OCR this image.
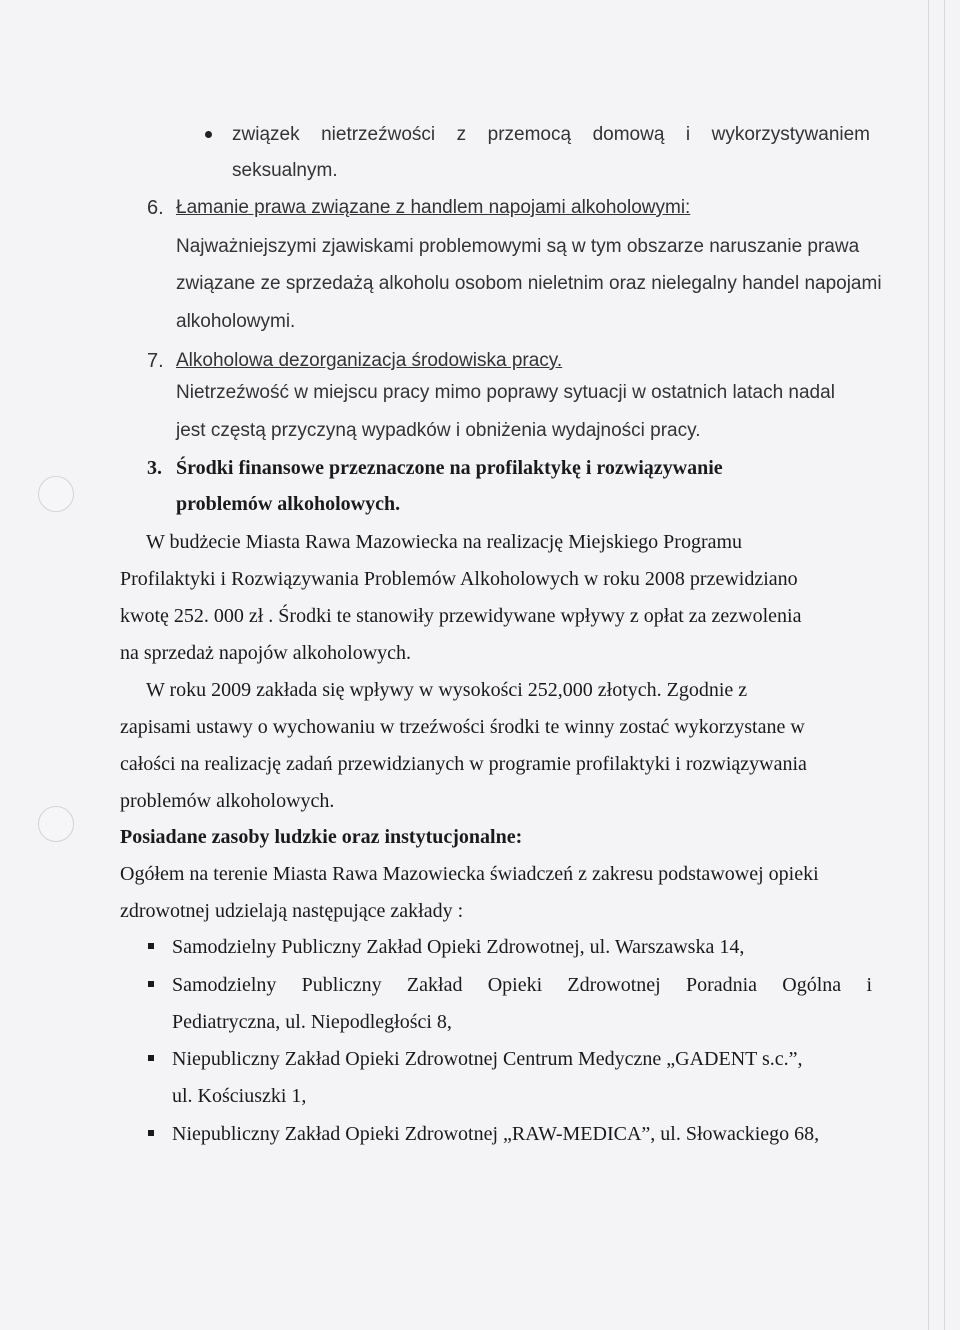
związek nietrzeźwości z przemocą domową i wykorzystywaniem
seksualnym.
6. Łamanie prawa związane z handlem napojami alkoholowymi:
Najważniejszymi zjawiskami problemowymi są w tym obszarze naruszanie prawa
związane ze sprzedażą alkoholu osobom nieletnim oraz nielegalny handel napojami
alkoholowymi.
7. Alkoholowa dezorganizacja środowiska pracy.
Nietrzeźwość w miejscu pracy mimo poprawy sytuacji w ostatnich latach nadal
jest częstą przyczyną wypadków i obniżenia wydajności pracy.
3. Środki finansowe przeznaczone na profilaktykę i rozwiązywanie
problemów alkoholowych.
W budżecie Miasta Rawa Mazowiecka na realizację Miejskiego Programu
Profilaktyki i Rozwiązywania Problemów Alkoholowych w roku 2008 przewidziano
kwotę 252. 000 zł . Środki te stanowiły przewidywane wpływy z opłat za zezwolenia
na sprzedaż napojów alkoholowych.
W roku 2009 zakłada się wpływy w wysokości 252,000 złotych. Zgodnie z
zapisami ustawy o wychowaniu w trzeźwości środki te winny zostać wykorzystane w
całości na realizację zadań przewidzianych w programie profilaktyki i rozwiązywania
problemów alkoholowych.
Posiadane zasoby ludzkie oraz instytucjonalne:
Ogółem na terenie Miasta Rawa Mazowiecka świadczeń z zakresu podstawowej opieki
zdrowotnej udzielają następujące zakłady :
Samodzielny Publiczny Zakład Opieki Zdrowotnej, ul. Warszawska 14,
Samodzielny Publiczny Zakład Opieki Zdrowotnej Poradnia Ogólna i
Pediatryczna, ul. Niepodległości 8,
Niepubliczny Zakład Opieki Zdrowotnej Centrum Medyczne „GADENT s.c.”,
ul. Kościuszki 1,
Niepubliczny Zakład Opieki Zdrowotnej „RAW-MEDICA”, ul. Słowackiego 68,
